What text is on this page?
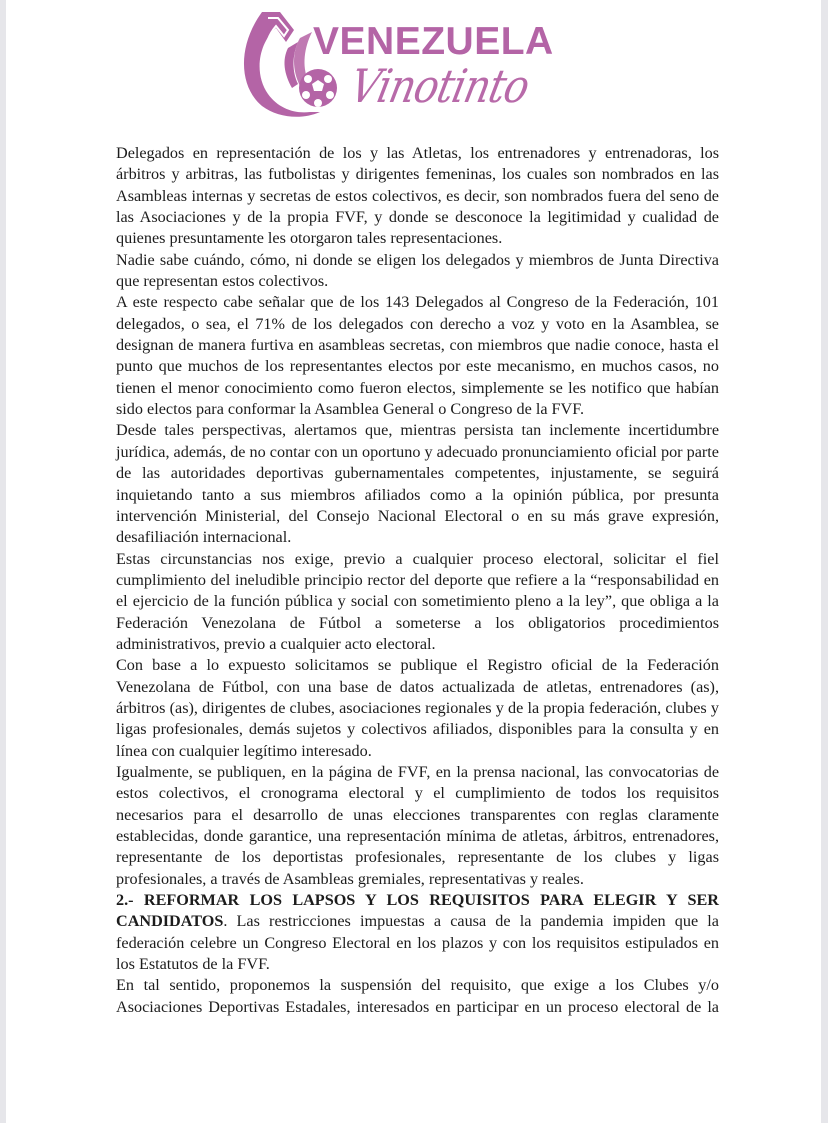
VENEZUELA
Vinotinto

Delegados en representación de los y las Atletas, los entrenadores y entrenadoras, los árbitros y arbitras, las futbolistas y dirigentes femeninas, los cuales son nombrados en las Asambleas internas y secretas de estos colectivos, es decir, son nombrados fuera del seno de las Asociaciones y de la propia FVF, y donde se desconoce la legitimidad y cualidad de quienes presuntamente les otorgaron tales representaciones.

Nadie sabe cuándo, cómo, ni donde se eligen los delegados y miembros de Junta Directiva que representan estos colectivos.

A este respecto cabe señalar que de los 143 Delegados al Congreso de la Federación, 101 delegados, o sea, el 71% de los delegados con derecho a voz y voto en la Asamblea, se designan de manera furtiva en asambleas secretas, con miembros que nadie conoce, hasta el punto que muchos de los representantes electos por este mecanismo, en muchos casos, no tienen el menor conocimiento como fueron electos, simplemente se les notifico que habían sido electos para conformar la Asamblea General o Congreso de la FVF.

Desde tales perspectivas, alertamos que, mientras persista tan inclemente incertidumbre jurídica, además, de no contar con un oportuno y adecuado pronunciamiento oficial por parte de las autoridades deportivas gubernamentales competentes, injustamente, se seguirá inquietando tanto a sus miembros afiliados como a la opinión pública, por presunta intervención Ministerial, del Consejo Nacional Electoral o en su más grave expresión, desafiliación internacional.

Estas circunstancias nos exige, previo a cualquier proceso electoral, solicitar el fiel cumplimiento del ineludible principio rector del deporte que refiere a la “responsabilidad en el ejercicio de la función pública y social con sometimiento pleno a la ley”, que obliga a la Federación Venezolana de Fútbol a someterse a los obligatorios procedimientos administrativos, previo a cualquier acto electoral.

Con base a lo expuesto solicitamos se publique el Registro oficial de la Federación Venezolana de Fútbol, con una base de datos actualizada de atletas, entrenadores (as), árbitros (as), dirigentes de clubes, asociaciones regionales y de la propia federación, clubes y ligas profesionales, demás sujetos y colectivos afiliados, disponibles para la consulta y en línea con cualquier legítimo interesado.

Igualmente, se publiquen, en la página de FVF, en la prensa nacional, las convocatorias de estos colectivos, el cronograma electoral y el cumplimiento de todos los requisitos necesarios para el desarrollo de unas elecciones transparentes con reglas claramente establecidas, donde garantice, una representación mínima de atletas, árbitros, entrenadores, representante de los deportistas profesionales, representante de los clubes y ligas profesionales, a través de Asambleas gremiales, representativas y reales.

2.- REFORMAR LOS LAPSOS Y LOS REQUISITOS PARA ELEGIR Y SER CANDIDATOS. Las restricciones impuestas a causa de la pandemia impiden que la federación celebre un Congreso Electoral en los plazos y con los requisitos estipulados en los Estatutos de la FVF.

En tal sentido, proponemos la suspensión del requisito, que exige a los Clubes y/o Asociaciones Deportivas Estadales, interesados en participar en un proceso electoral de la
